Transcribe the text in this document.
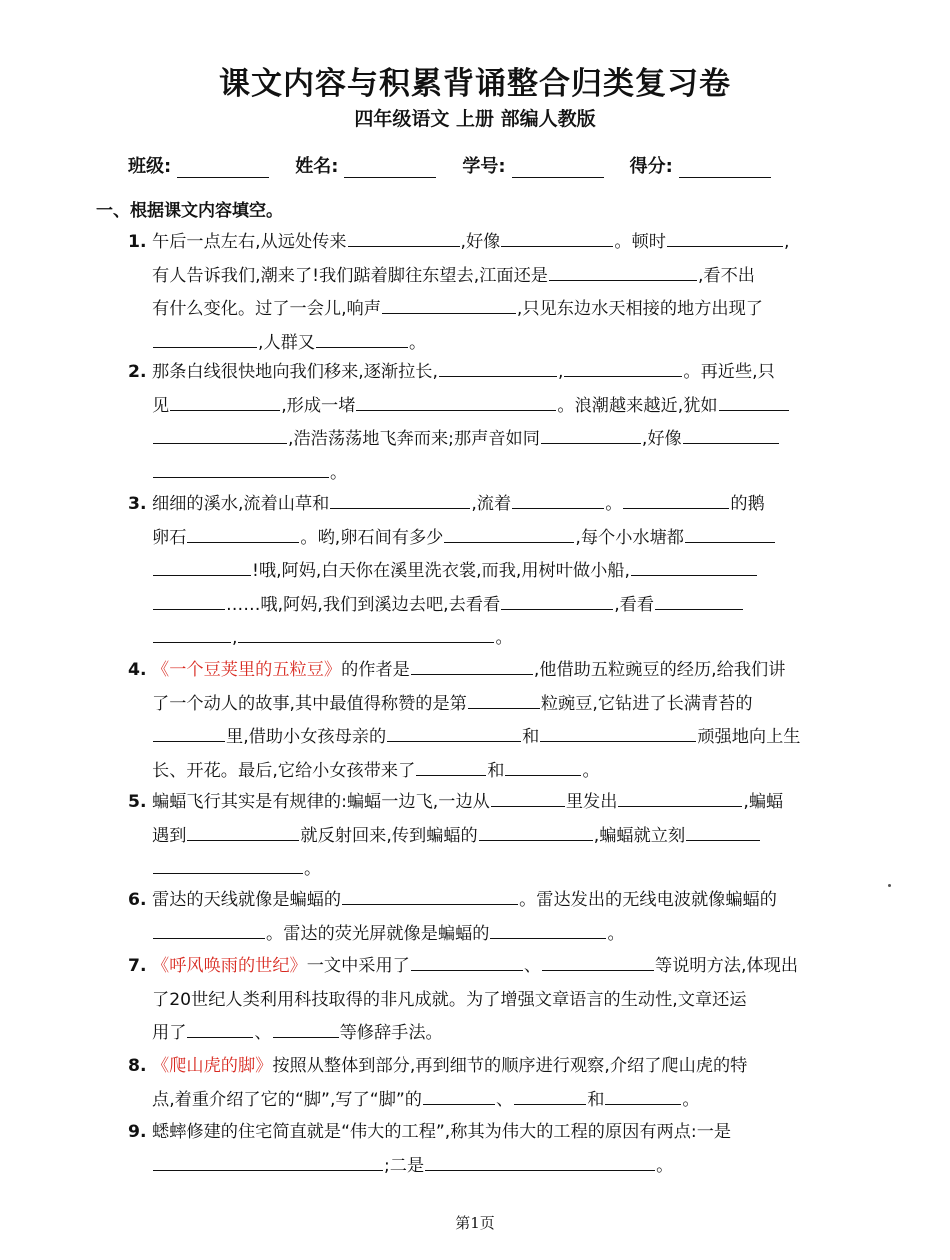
课文内容与积累背诵整合归类复习卷
四年级语文 上册 部编人教版
班级:	姓名:	学号:	得分:
一、根据课文内容填空。
1. 午后一点左右,从远处传来	,好像	。顿时	,
有人告诉我们,潮来了!我们踮着脚往东望去,江面还是	,看不出
有什么变化。过了一会儿,响声	,只见东边水天相接的地方出现了
,人群又	。
2. 那条白线很快地向我们移来,逐渐拉长,	,	。再近些,只
见	,形成一堵	。浪潮越来越近,犹如
,浩浩荡荡地飞奔而来;那声音如同	,好像
。
3. 细细的溪水,流着山草和	,流着	。	的鹅
卵石	。哟,卵石间有多少	,每个小水塘都
!哦,阿妈,白天你在溪里洗衣裳,而我,用树叶做小船,
……哦,阿妈,我们到溪边去吧,去看看	,看看
,	。
4. 《一个豆荚里的五粒豆》的作者是	,他借助五粒豌豆的经历,给我们讲
了一个动人的故事,其中最值得称赞的是第	粒豌豆,它钻进了长满青苔的
里,借助小女孩母亲的	和	顽强地向上生
长、开花。最后,它给小女孩带来了	和	。
5. 蝙蝠飞行其实是有规律的:蝙蝠一边飞,一边从	里发出	,蝙蝠
遇到	就反射回来,传到蝙蝠的	,蝙蝠就立刻
。
6. 雷达的天线就像是蝙蝠的	。雷达发出的无线电波就像蝙蝠的
。雷达的荧光屏就像是蝙蝠的	。
7. 《呼风唤雨的世纪》一文中采用了	、	等说明方法,体现出
了20世纪人类利用科技取得的非凡成就。为了增强文章语言的生动性,文章还运
用了	、	等修辞手法。
8. 《爬山虎的脚》按照从整体到部分,再到细节的顺序进行观察,介绍了爬山虎的特
点,着重介绍了它的“脚”,写了“脚”的	、	和	。
9. 蟋蟀修建的住宅简直就是“伟大的工程”,称其为伟大的工程的原因有两点:一是
;二是	。
第1页
